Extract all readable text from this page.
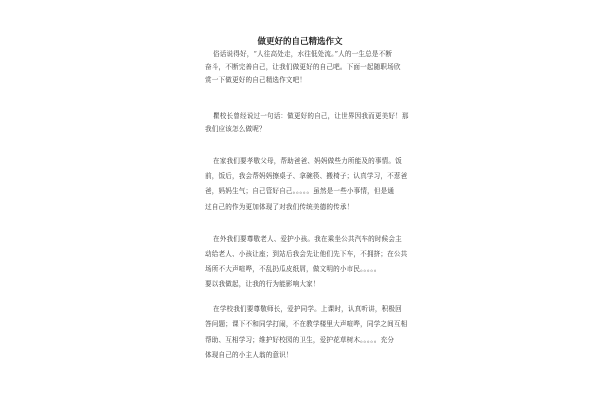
做更好的自己精选作文
俗话说得好，“人往高处走，水往低处流。”人的一生总是不断
奋斗，不断完善自己，让我们做更好的自己吧。下面一起随职场欣
赏一下做更好的自己精选作文吧！
瞿校长曾经说过一句话：做更好的自己，让世界因我而更美好！那
我们应该怎么做呢？
在家我们要孝敬父母，帮助爸爸、妈妈做些力所能及的事情。饭
前，饭后，我会帮妈妈擦桌子、拿碗筷、搬椅子；认真学习，不惹爸
爸，妈妈生气；自己管好自己。。。。。虽然是一些小事情，但是通
过自己的作为更加体现了对我们传统美德的传承！
在外我们要尊敬老人、爱护小孩。我在乘坐公共汽车的时候会主
动给老人、小孩让座；到站后我会先让他们先下车，不拥挤；在公共
场所不大声喧哗，不乱扔瓜皮纸屑，做文明的小市民。。。。。
要以我做起，让我的行为能影响大家！
在学校我们要尊敬师长，爱护同学。上课时，认真听讲，积极回
答问题；课下不和同学打闹，不在教学楼里大声喧哗，同学之间互相
帮助、互相学习；维护好校园的卫生，爱护花草树木。。。。。充分
体现自己的小主人翁的意识！
